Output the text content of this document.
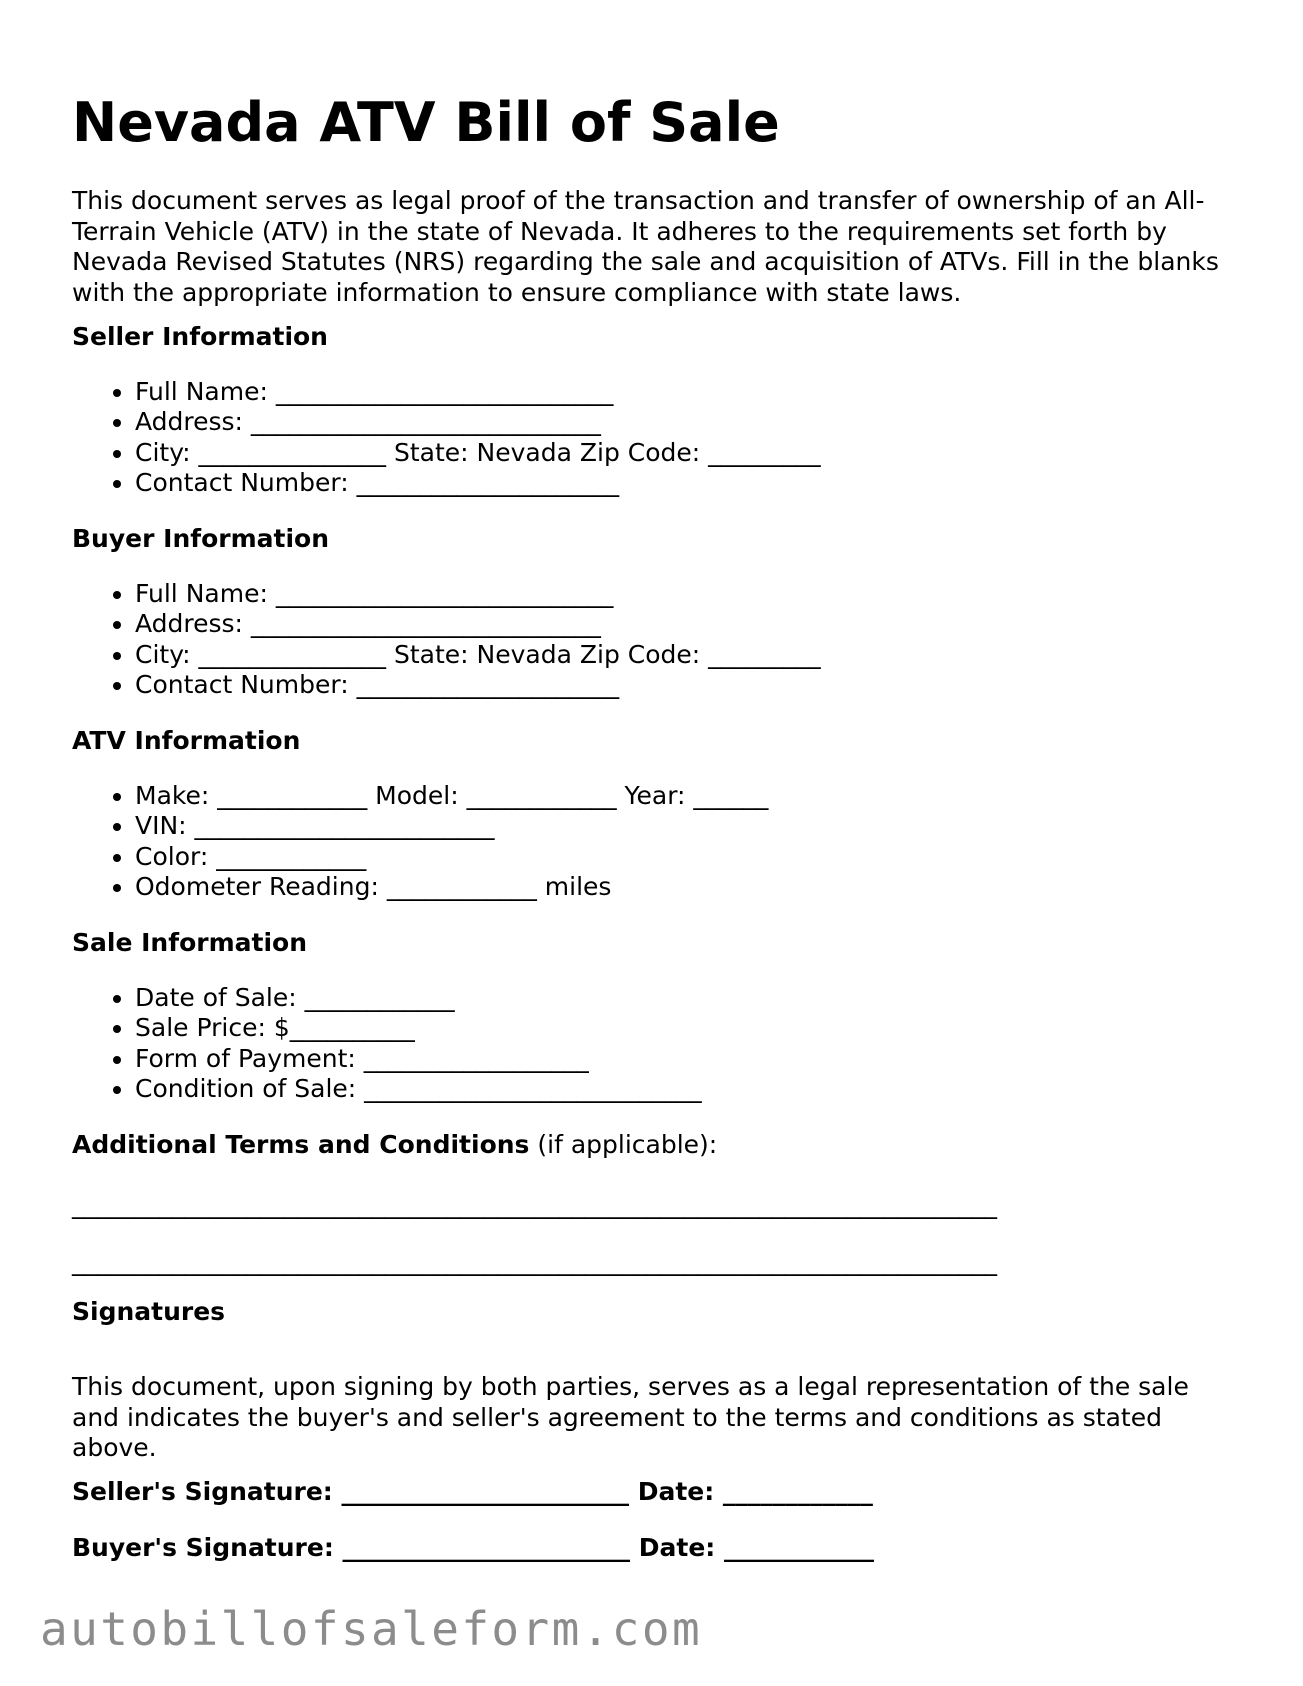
Nevada ATV Bill of Sale

This document serves as legal proof of the transaction and transfer of ownership of an All-Terrain Vehicle (ATV) in the state of Nevada. It adheres to the requirements set forth by Nevada Revised Statutes (NRS) regarding the sale and acquisition of ATVs. Fill in the blanks with the appropriate information to ensure compliance with state laws.

Seller Information

• Full Name: ___________________________
• Address: ____________________________
• City: _______________ State: Nevada Zip Code: _________
• Contact Number: _____________________

Buyer Information

• Full Name: ___________________________
• Address: ____________________________
• City: _______________ State: Nevada Zip Code: _________
• Contact Number: _____________________

ATV Information

• Make: ____________ Model: ____________ Year: ______
• VIN: ________________________
• Color: ____________
• Odometer Reading: ____________ miles

Sale Information

• Date of Sale: ____________
• Sale Price: $__________
• Form of Payment: __________________
• Condition of Sale: ___________________________

Additional Terms and Conditions (if applicable):

__________________________________________________________________________

__________________________________________________________________________

Signatures

This document, upon signing by both parties, serves as a legal representation of the sale and indicates the buyer's and seller's agreement to the terms and conditions as stated above.

Seller's Signature: _______________________ Date: ____________

Buyer's Signature: _______________________ Date: ____________

autobillofsaleform.com
